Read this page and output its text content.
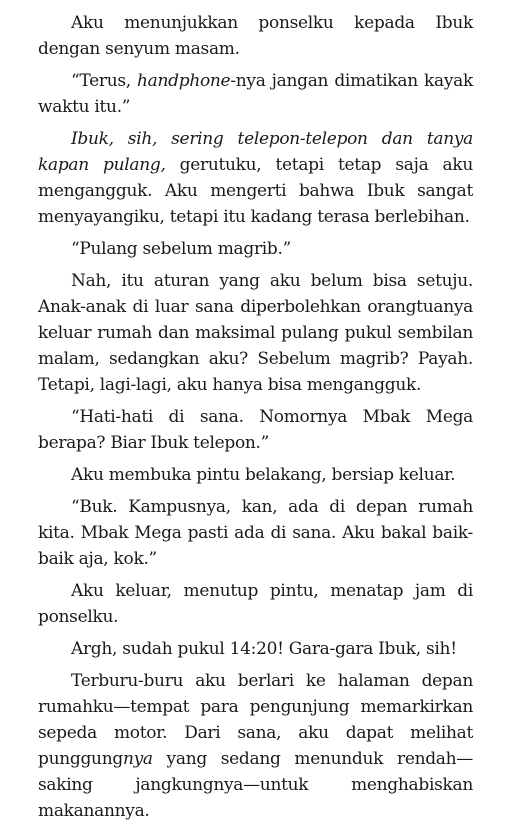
Aku menunjukkan ponselku kepada Ibuk dengan senyum masam.

“Terus, handphone-nya jangan dimatikan kayak waktu itu.”

Ibuk, sih, sering telepon-telepon dan tanya kapan pulang, gerutuku, tetapi tetap saja aku mengangguk. Aku mengerti bahwa Ibuk sangat menyayangiku, tetapi itu kadang terasa berlebihan.

“Pulang sebelum magrib.”

Nah, itu aturan yang aku belum bisa setuju. Anak-anak di luar sana diperbolehkan orangtuanya keluar rumah dan maksimal pulang pukul sembilan malam, sedangkan aku? Sebelum magrib? Payah. Tetapi, lagi-lagi, aku hanya bisa mengangguk.

“Hati-hati di sana. Nomornya Mbak Mega berapa? Biar Ibuk telepon.”

Aku membuka pintu belakang, bersiap keluar.

“Buk. Kampusnya, kan, ada di depan rumah kita. Mbak Mega pasti ada di sana. Aku bakal baik-baik aja, kok.”

Aku keluar, menutup pintu, menatap jam di ponselku.

Argh, sudah pukul 14:20! Gara-gara Ibuk, sih!

Terburu-buru aku berlari ke halaman depan rumahku—tempat para pengunjung memarkirkan sepeda motor. Dari sana, aku dapat melihat punggungnya yang sedang menunduk rendah—saking jangkungnya—untuk menghabiskan makanannya.
